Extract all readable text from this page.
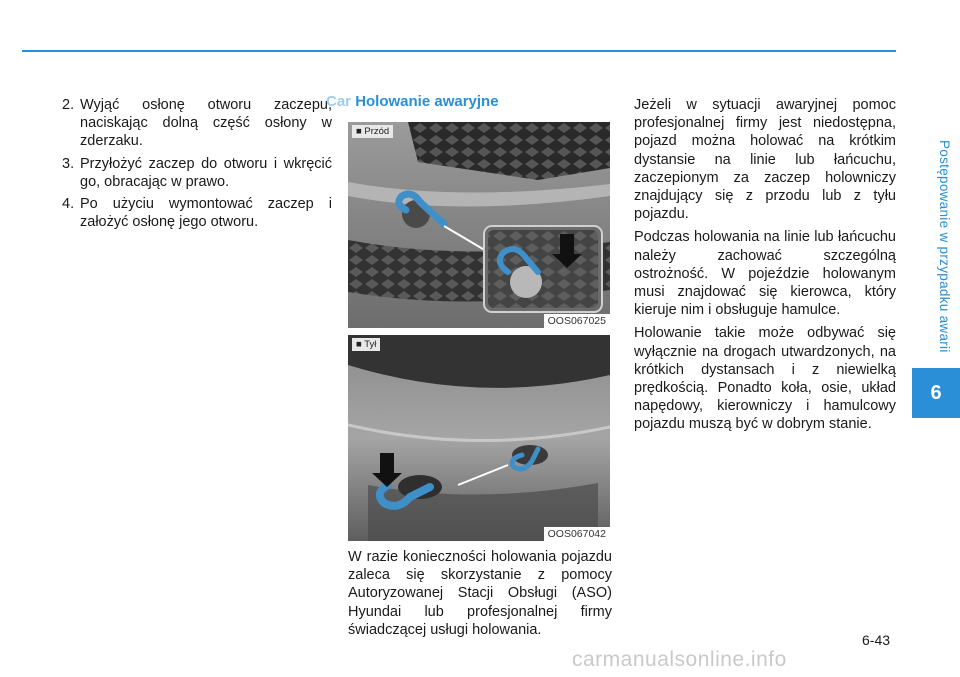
Postępowanie w przypadku awarii
6
2. Wyjąć osłonę otworu zaczepu, naciskając dolną część osłony w zderzaku.
3. Przyłożyć zaczep do otworu i wkręcić go, obracając w prawo.
4. Po użyciu wymontować zaczep i założyć osłonę jego otworu.
Car Holowanie awaryjne
■ Przód
OOS067025
■ Tył
OOS067042

W razie konieczności holowania pojazdu zaleca się skorzystanie z pomocy Autoryzowanej Stacji Obsługi (ASO) Hyundai lub profesjonalnej firmy świadczącej usługi holowania.

Jeżeli w sytuacji awaryjnej pomoc profesjonalnej firmy jest niedostępna, pojazd można holować na krótkim dystansie na linie lub łańcuchu, zaczepionym za zaczep holowniczy znajdujący się z przodu lub z tyłu pojazdu.

Podczas holowania na linie lub łańcuchu należy zachować szczególną ostrożność. W pojeździe holowanym musi znajdować się kierowca, który kieruje nim i obsługuje hamulce.

Holowanie takie może odbywać się wyłącznie na drogach utwardzonych, na krótkich dystansach i z niewielką prędkością. Ponadto koła, osie, układ napędowy, kierowniczy i hamulcowy pojazdu muszą być w dobrym stanie.

6-43
carmanualsonline.info
